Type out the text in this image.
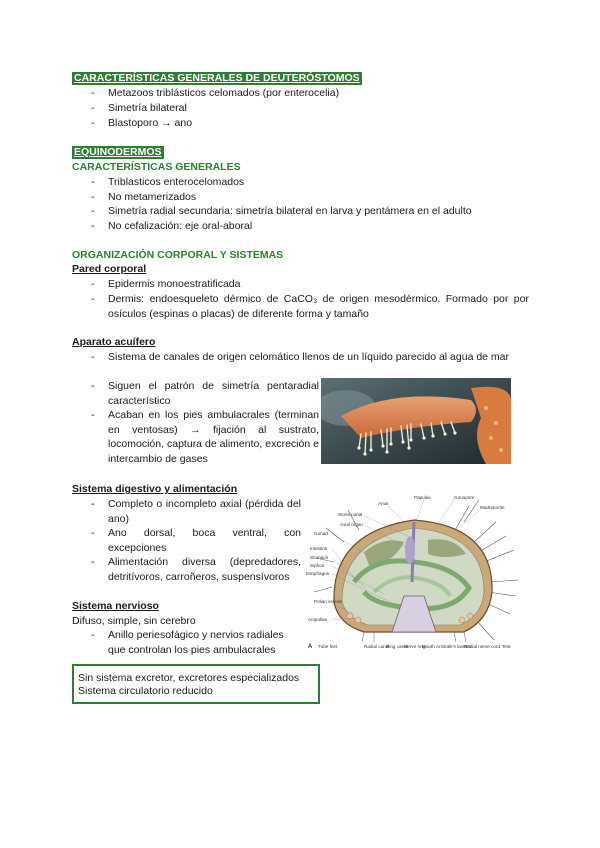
CARACTERÍSTICAS GENERALES DE DEUTERÓSTOMOS
- Metazoos triblásticos celomados (por enterocelia)
- Simetría bilateral
- Blastoporo → ano
EQUINODERMOS
CARACTERÍSTICAS GENERALES
- Triblasticos enterocelomados
- No metamerizados
- Simetría radial secundaria: simetría bilateral en larva y pentámera en el adulto
- No cefalización: eje oral-aboral
ORGANIZACIÓN CORPORAL Y SISTEMAS
Pared corporal
- Epidermis monoestratificada
- Dermis: endoesqueleto dérmico de CaCO₃ de origen mesodérmico. Formado por por osículos (espinas o placas) de diferente forma y tamaño
Aparato acuífero
- Sistema de canales de origen celomático llenos de un líquido parecido al agua de mar
- Siguen el patrón de simetría pentaradial característico
- Acaban en los pies ambulacrales (terminan en ventosas) → fijación al sustrato, locomoción, captura de alimento, excreción e intercambio de gases
Sistema digestivo y alimentación
- Completo o incompleto axial (pérdida del ano)
- Ano dorsal, boca ventral, con excepciones
- Alimentación diversa (depredadores, detritívoros, carroñeros, suspensívoros
Sistema nervioso
Difuso, simple, sin cerebro
- Anillo periesofágico y nervios radiales que controlan los pies ambulacrales
Sin sistema excretor, excretores especializados
Sistema circulatorio reducido
Anus
Papulae	Gonopore
Madreporite
Stone canal
Axial organ
Gonad
Intestine
Stomach
Siphon
Esophagus
Polian vesicle
Ampullae
A Tube feet	Radial canal
Ring canal
Nerve ring
Mouth Aristotle's lantern
Radial nerve cord Test
